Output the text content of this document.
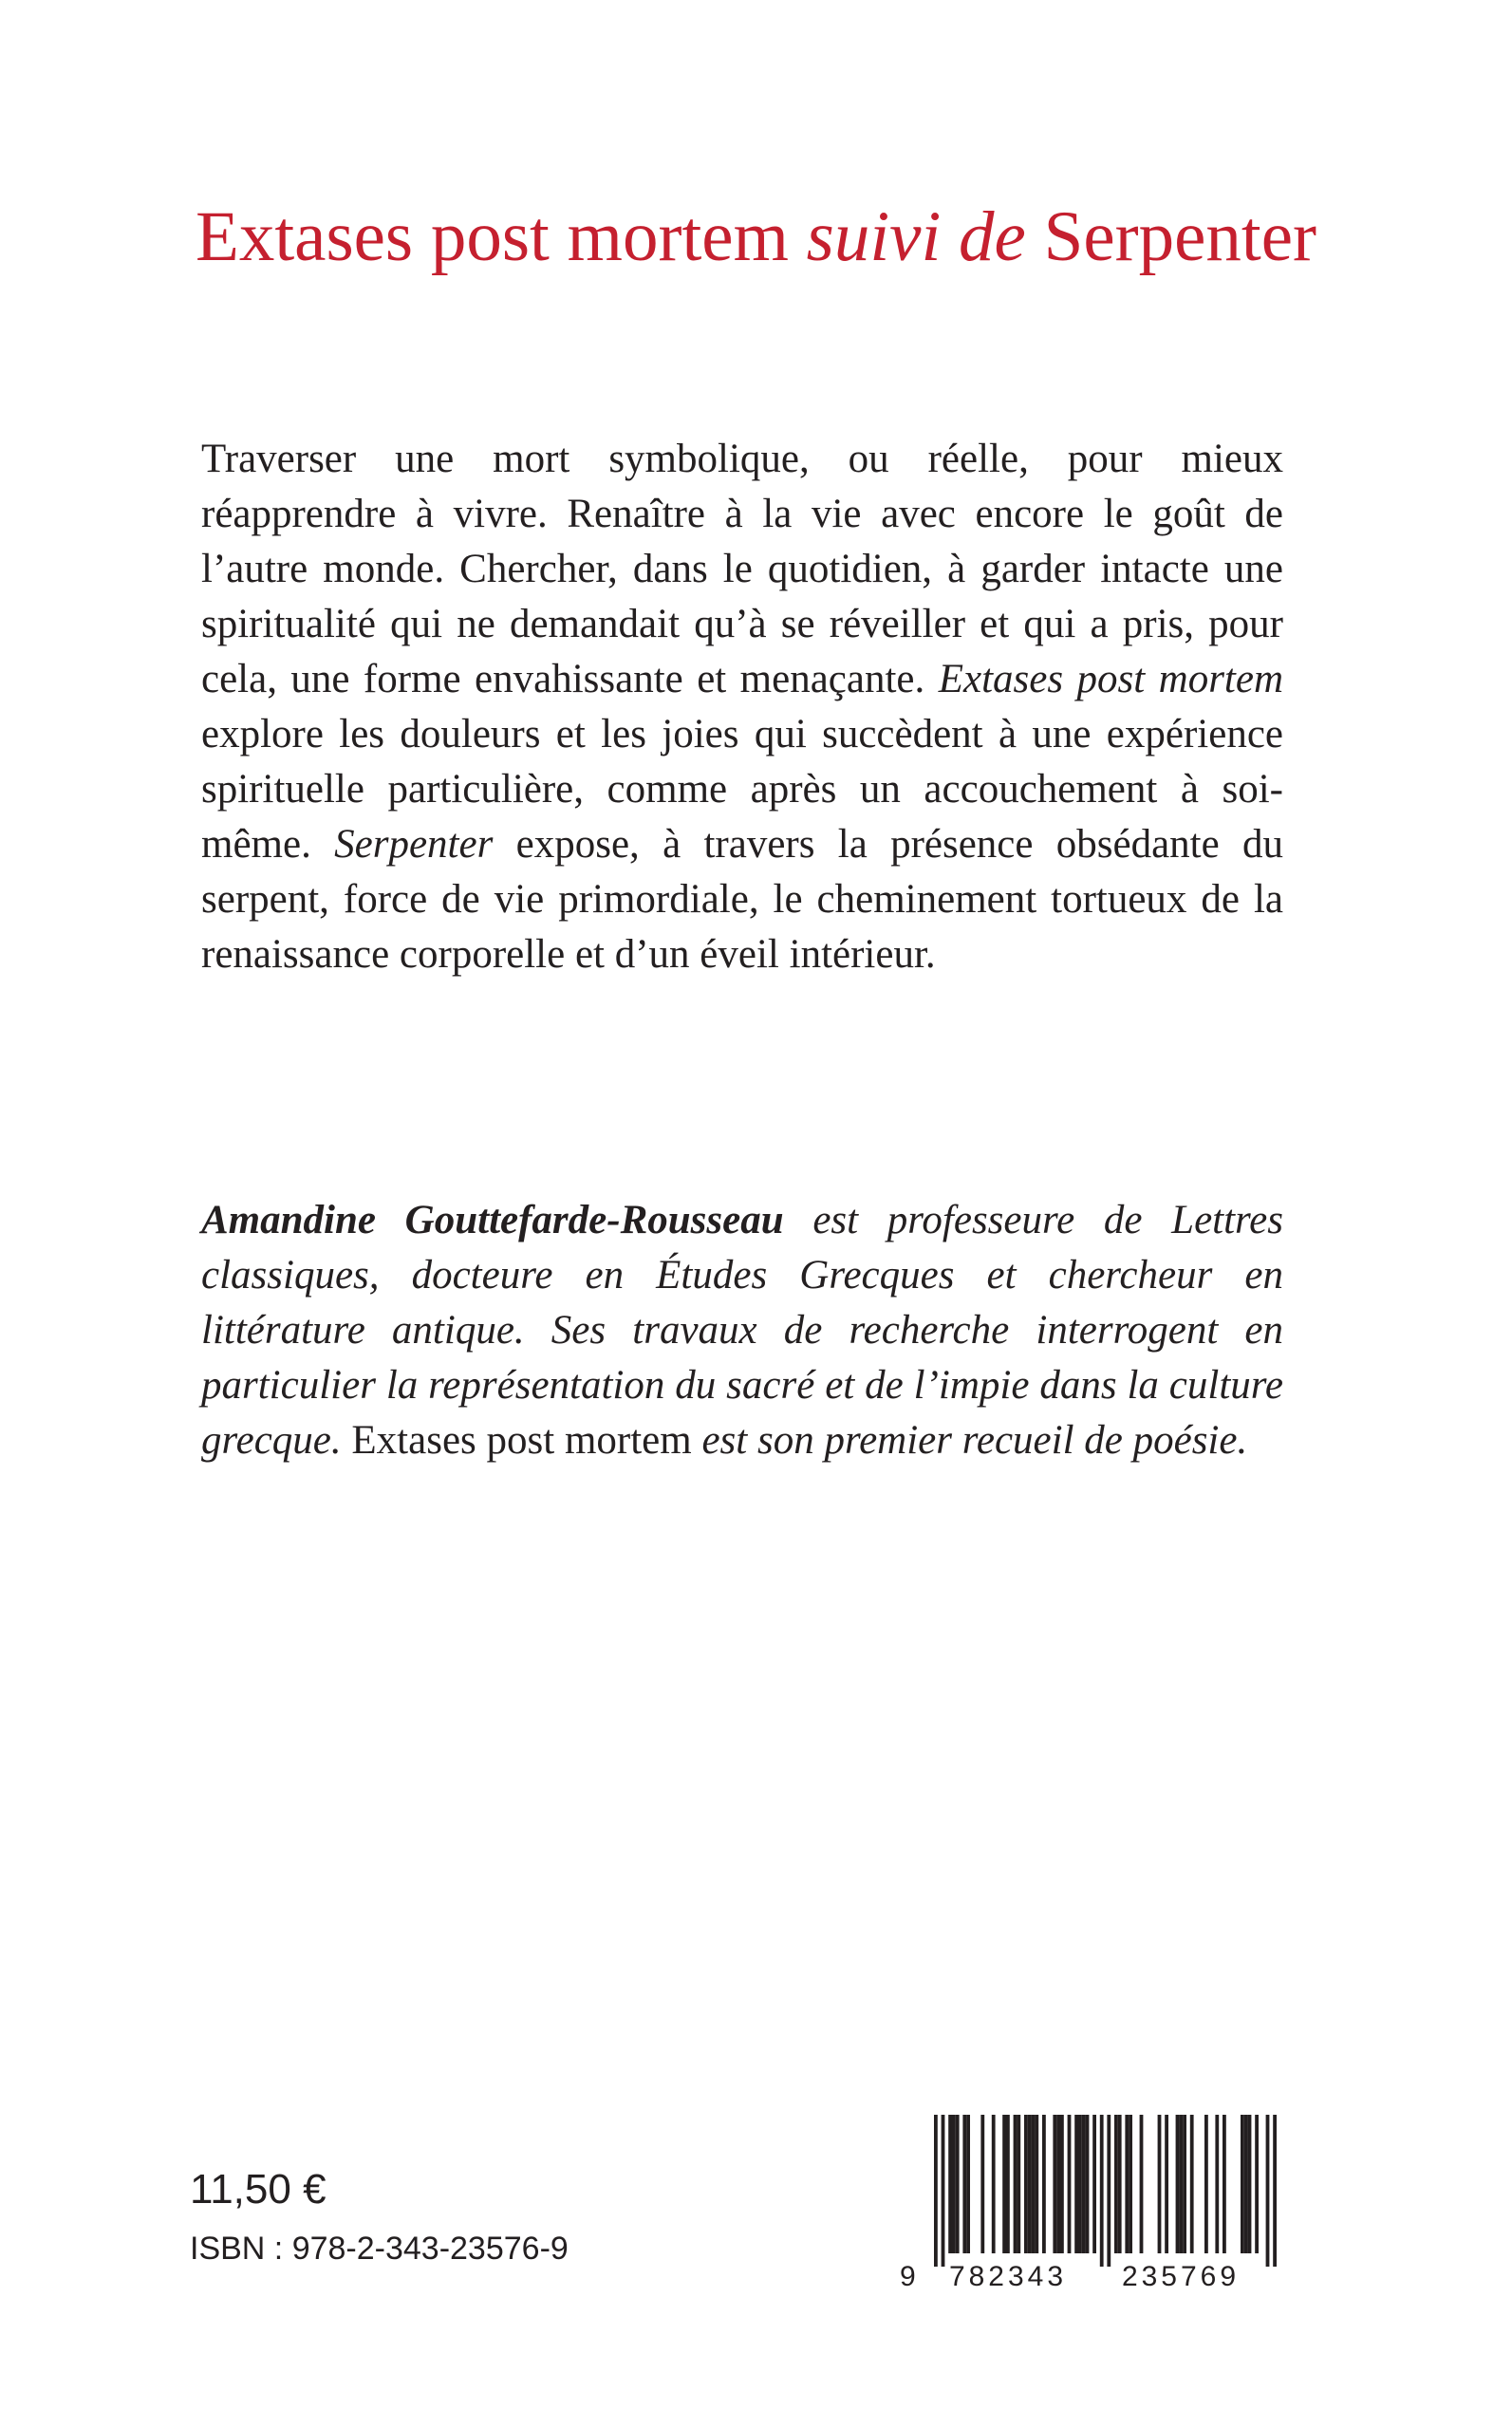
Extases post mortem suivi de Serpenter

Traverser une mort symbolique, ou réelle, pour mieux réapprendre à vivre. Renaître à la vie avec encore le goût de l’autre monde. Chercher, dans le quotidien, à garder intacte une spiritualité qui ne demandait qu’à se réveiller et qui a pris, pour cela, une forme envahissante et menaçante. Extases post mortem explore les douleurs et les joies qui succèdent à une expérience spirituelle particulière, comme après un accouchement à soi-même. Serpenter expose, à travers la présence obsédante du serpent, force de vie primordiale, le cheminement tortueux de la renaissance corporelle et d’un éveil intérieur.

Amandine Gouttefarde-Rousseau est professeure de Lettres classiques, docteure en Études Grecques et chercheur en littérature antique. Ses travaux de recherche interrogent en particulier la représentation du sacré et de l’impie dans la culture grecque. Extases post mortem est son premier recueil de poésie.

11,50 €
ISBN : 978-2-343-23576-9
9 782343 235769
